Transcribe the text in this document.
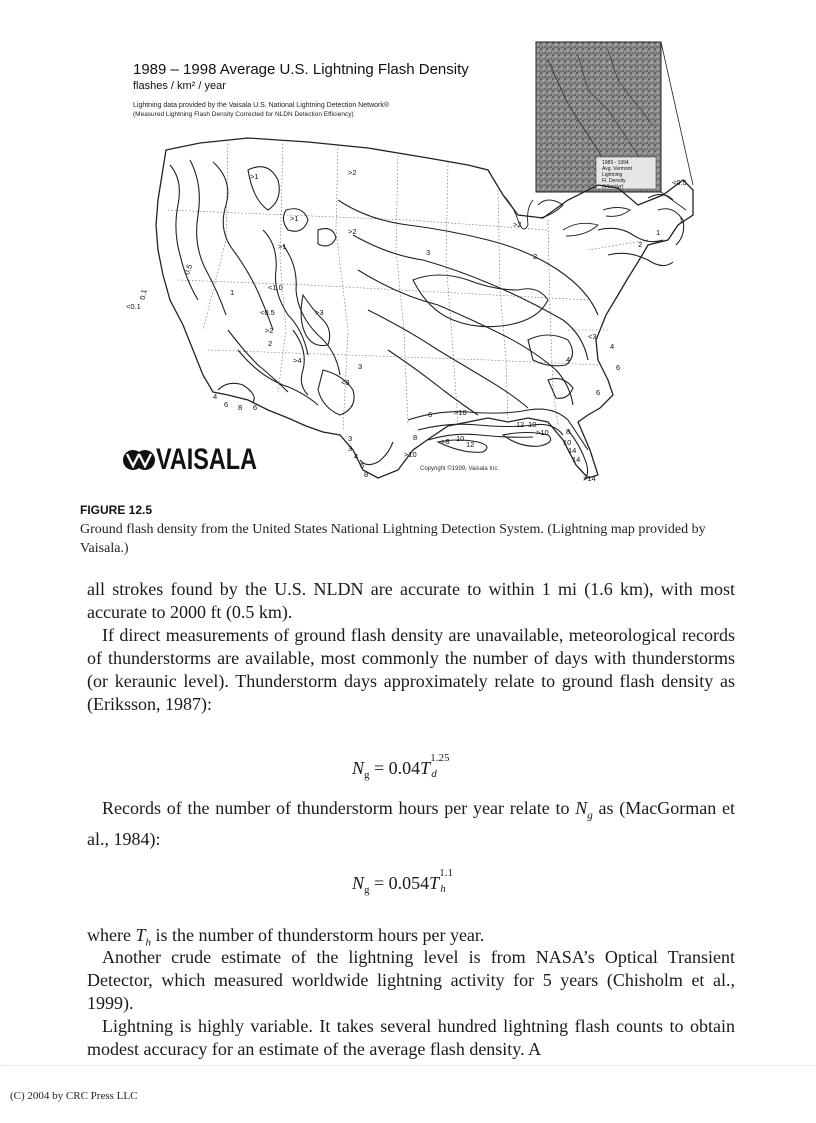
1989 – 1998 Average U.S. Lightning Flash Density
flashes / km² / year
Lightning data provided by the Vaisala U.S. National Lightning Detection Network®
(Measured Lightning Flash Density Corrected for NLDN Detection Efficiency)
1989 - 1994
Avg. Vermont
Lightning
Fl. Density
(#/km²/yr)
>1	>2
>1
>2
>1
0.1
0.5
1
<0.1
<1.0
<0.5
>2
2
>3
3
>4
<3
4
6 8 6
3
3
4
6
8
6	>10
8	>8 10
12
>10
12 10
>10 8
10
14
14
>14
2
>2
3
<3
4
6
4
6
<0.5
1
1
2
VAISALA	Copyright ©1999, Vaisala Inc.
FIGURE 12.5
Ground flash density from the United States National Lightning Detection System. (Lightning map provided by Vaisala.)
all strokes found by the U.S. NLDN are accurate to within 1 mi (1.6 km), with most accurate to 2000 ft (0.5 km).
If direct measurements of ground flash density are unavailable, meteorological records of thunderstorms are available, most commonly the number of days with thunderstorms (or keraunic level). Thunderstorm days approximately relate to ground flash density as (Eriksson, 1987):
$N_g = 0.04T$ 1.25
d
Records of the number of thunderstorm hours per year relate to $N_g$ as (MacGorman et al., 1984):
$N_g = 0.054T$ 1.1
h
where $T_h$ is the number of thunderstorm hours per year.
Another crude estimate of the lightning level is from NASA’s Optical Transient Detector, which measured worldwide lightning activity for 5 years (Chisholm et al., 1999).
Lightning is highly variable. It takes several hundred lightning flash counts to obtain modest accuracy for an estimate of the average flash density. A
(C) 2004 by CRC Press LLC
